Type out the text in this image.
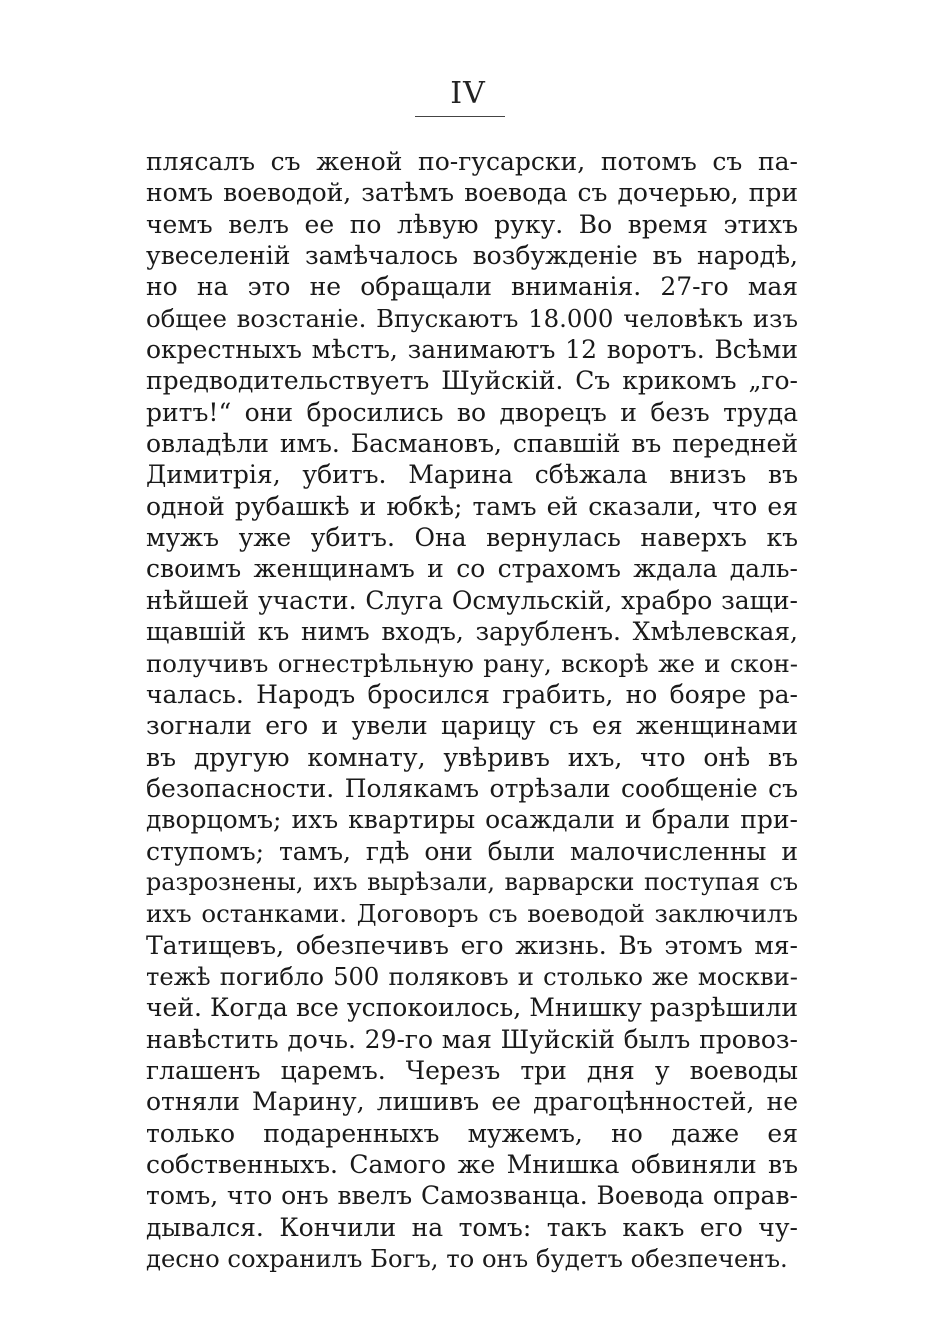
IV
плясалъ съ женой по-гусарски, потомъ съ па-
номъ воеводой, затѣмъ воевода съ дочерью, при
чемъ велъ ее по лѣвую руку. Во время этихъ
увеселеній замѣчалось возбужденіе въ народѣ,
но на это не обращали вниманія. 27-го мая
общее возстаніе. Впускаютъ 18.000 человѣкъ изъ
окрестныхъ мѣстъ, занимаютъ 12 воротъ. Всѣми
предводительствуетъ Шуйскій. Съ крикомъ „го-
ритъ!“ они бросились во дворецъ и безъ труда
овладѣли имъ. Басмановъ, спавшій въ передней
Димитрія, убитъ. Марина сбѣжала внизъ въ
одной рубашкѣ и юбкѣ; тамъ ей сказали, что ея
мужъ уже убитъ. Она вернулась наверхъ къ
своимъ женщинамъ и со страхомъ ждала даль-
нѣйшей участи. Слуга Осмульскій, храбро защи-
щавшій къ нимъ входъ, зарубленъ. Хмѣлевская,
получивъ огнестрѣльную рану, вскорѣ же и скон-
чалась. Народъ бросился грабить, но бояре ра-
зогнали его и увели царицу съ ея женщинами
въ другую комнату, увѣривъ ихъ, что онѣ въ
безопасности. Полякамъ отрѣзали сообщеніе съ
дворцомъ; ихъ квартиры осаждали и брали при-
ступомъ; тамъ, гдѣ они были малочисленны и
разрознены, ихъ вырѣзали, варварски поступая съ
ихъ останками. Договоръ съ воеводой заключилъ
Татищевъ, обезпечивъ его жизнь. Въ этомъ мя-
тежѣ погибло 500 поляковъ и столько же москви-
чей. Когда все успокоилось, Мнишку разрѣшили
навѣстить дочь. 29-го мая Шуйскій былъ провоз-
глашенъ царемъ. Черезъ три дня у воеводы
отняли Марину, лишивъ ее драгоцѣнностей, не
только подаренныхъ мужемъ, но даже ея
собственныхъ. Самого же Мнишка обвиняли въ
томъ, что онъ ввелъ Самозванца. Воевода оправ-
дывался. Кончили на томъ: такъ какъ его чу-
десно сохранилъ Богъ, то онъ будетъ обезпеченъ.
